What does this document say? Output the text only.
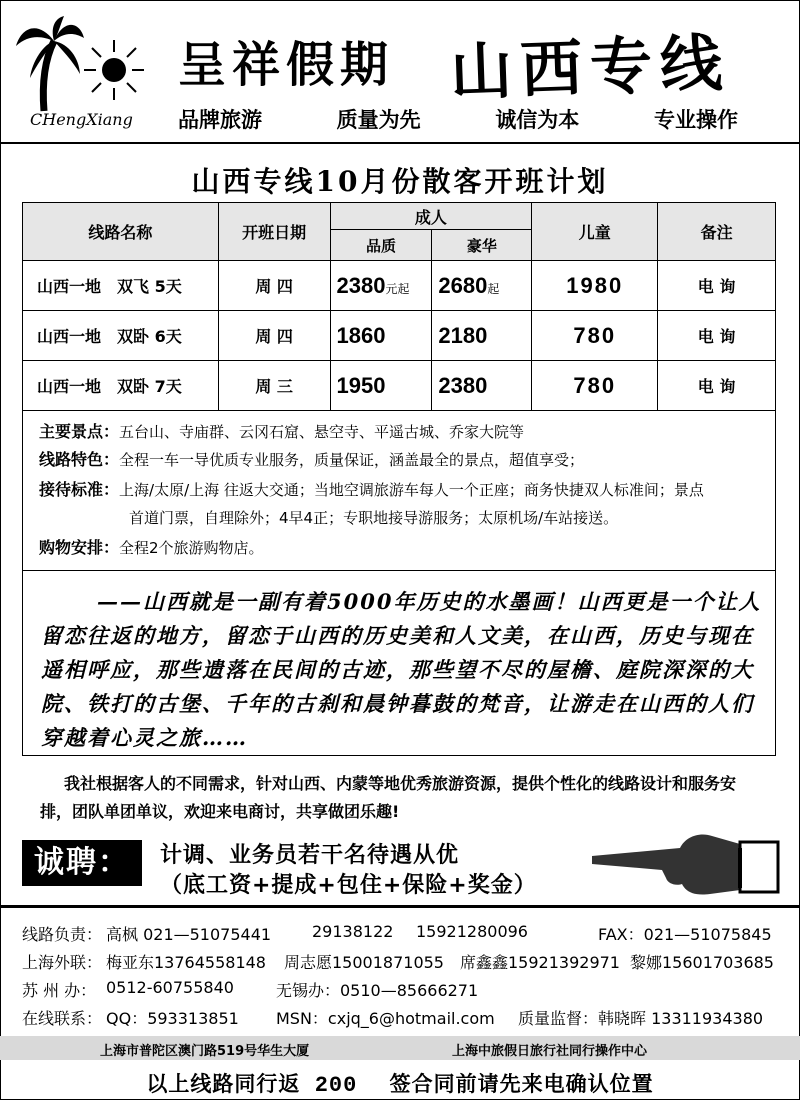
CHengXiang
呈祥假期 山西专线
品牌旅游	质量为先	诚信为本	专业操作
山西专线10月份散客开班计划
线路名称	开班日期	成人		儿童	备注
		品质	豪华		
山西一地　双飞 5天	周 四	2380元起	2680起	1980	电 询
山西一地　双卧 6天	周 四	1860	2180	780	电 询
山西一地　双卧 7天	周 三	1950	2380	780	电 询
主要景点：五台山、寺庙群、云冈石窟、悬空寺、平遥古城、乔家大院等
线路特色：全程一车一导优质专业服务，质量保证，涵盖最全的景点，超值享受；
接待标准：上海/太原/上海 往返大交通；当地空调旅游车每人一个正座；商务快捷双人标准间；景点
首道门票，自理除外；4早4正；专职地接导游服务；太原机场/车站接送。
购物安排：全程2个旅游购物店。
——山西就是一副有着5000年历史的水墨画！山西更是一个让人留恋往返的地方，留恋于山西的历史美和人文美，在山西，历史与现在遥相呼应，那些遗落在民间的古迹，那些望不尽的屋檐、庭院深深的大院、铁打的古堡、千年的古刹和晨钟暮鼓的梵音，让游走在山西的人们穿越着心灵之旅……
我社根据客人的不同需求，针对山西、内蒙等地优秀旅游资源，提供个性化的线路设计和服务安排，团队单团单议，欢迎来电商讨，共享做团乐趣!
诚聘：	计调、业务员若干名待遇从优
（底工资+提成+包住+保险+奖金）
线路负责： 高枫 021—51075441	29138122 15921280096	FAX：021—51075845
上海外联： 梅亚东13764558148 周志愿15001871055 席鑫鑫15921392971 黎娜15601703685
苏 州 办： 0512-60755840	无锡办：0510—85666271
在线联系： QQ：593313851 MSN：cxjq_6@hotmail.com 质量监督：韩晓晖 13311934380
上海市普陀区澳门路519号华生大厦	上海中旅假日旅行社同行操作中心
以上线路同行返 200 签合同前请先来电确认位置
